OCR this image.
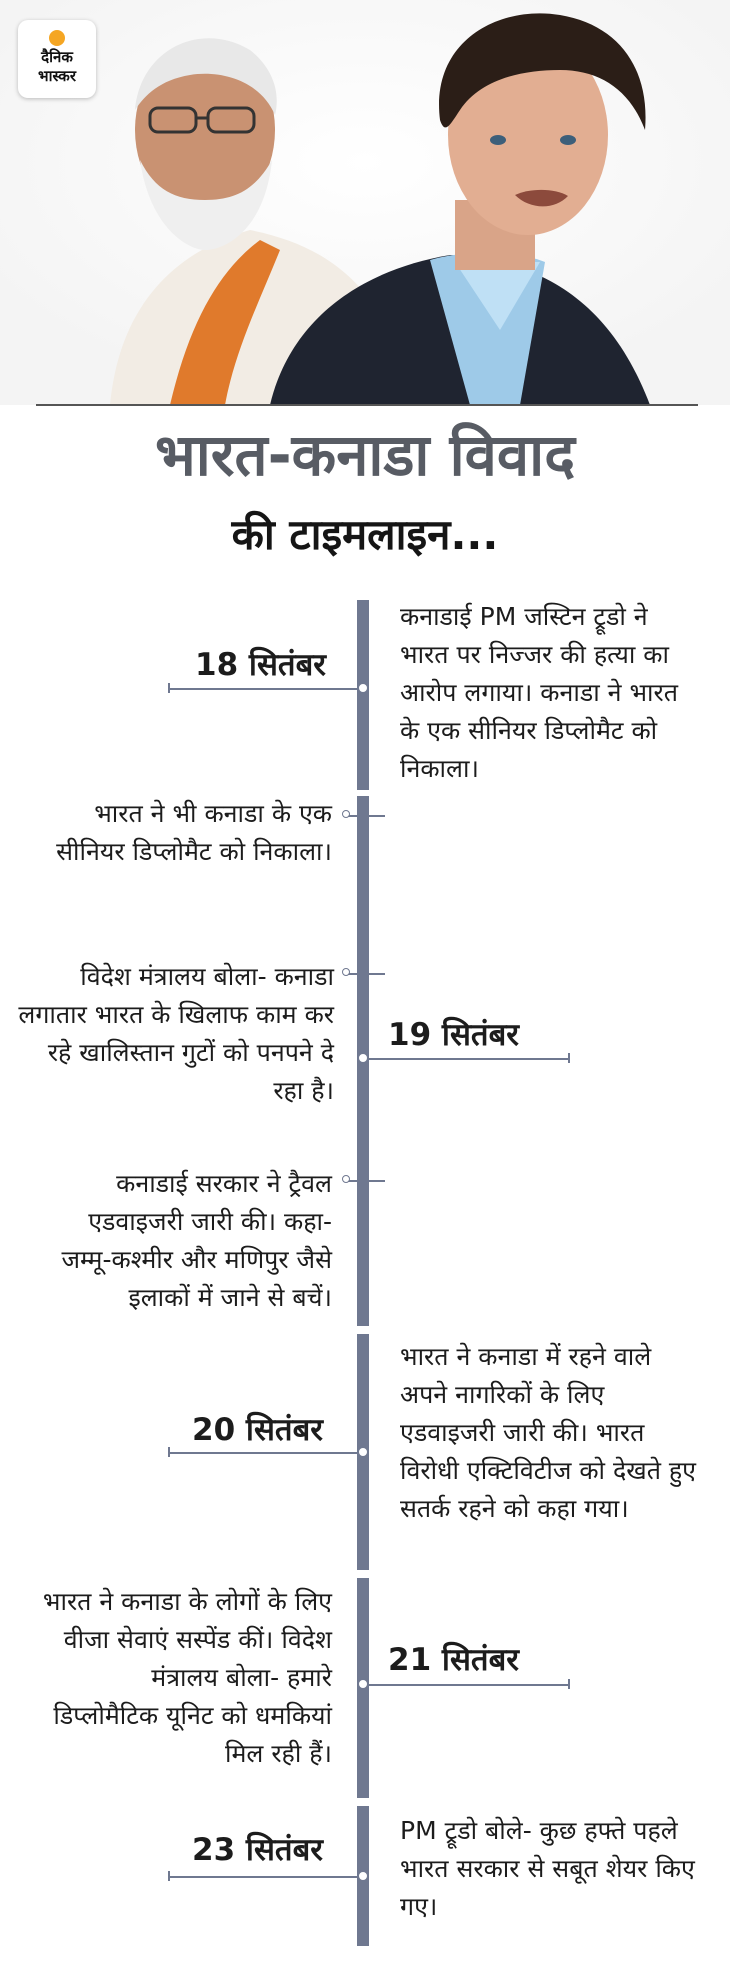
दैनिक
भास्कर
भारत-कनाडा विवाद
की टाइमलाइन...
18 सितंबर
कनाडाई PM जस्टिन ट्रूडो ने भारत पर निज्जर की हत्या का आरोप लगाया। कनाडा ने भारत के एक सीनियर डिप्लोमैट को निकाला।
भारत ने भी कनाडा के एक सीनियर डिप्लोमैट को निकाला।
विदेश मंत्रालय बोला- कनाडा लगातार भारत के खिलाफ काम कर रहे खालिस्तान गुटों को पनपने दे रहा है।
19 सितंबर
कनाडाई सरकार ने ट्रैवल एडवाइजरी जारी की। कहा- जम्मू-कश्मीर और मणिपुर जैसे इलाकों में जाने से बचें।
20 सितंबर
भारत ने कनाडा में रहने वाले अपने नागरिकों के लिए एडवाइजरी जारी की। भारत विरोधी एक्टिविटीज को देखते हुए सतर्क रहने को कहा गया।
भारत ने कनाडा के लोगों के लिए वीजा सेवाएं सस्पेंड कीं। विदेश मंत्रालय बोला- हमारे डिप्लोमैटिक यूनिट को धमकियां मिल रही हैं।
21 सितंबर
23 सितंबर
PM ट्रूडो बोले- कुछ हफ्ते पहले भारत सरकार से सबूत शेयर किए गए।
